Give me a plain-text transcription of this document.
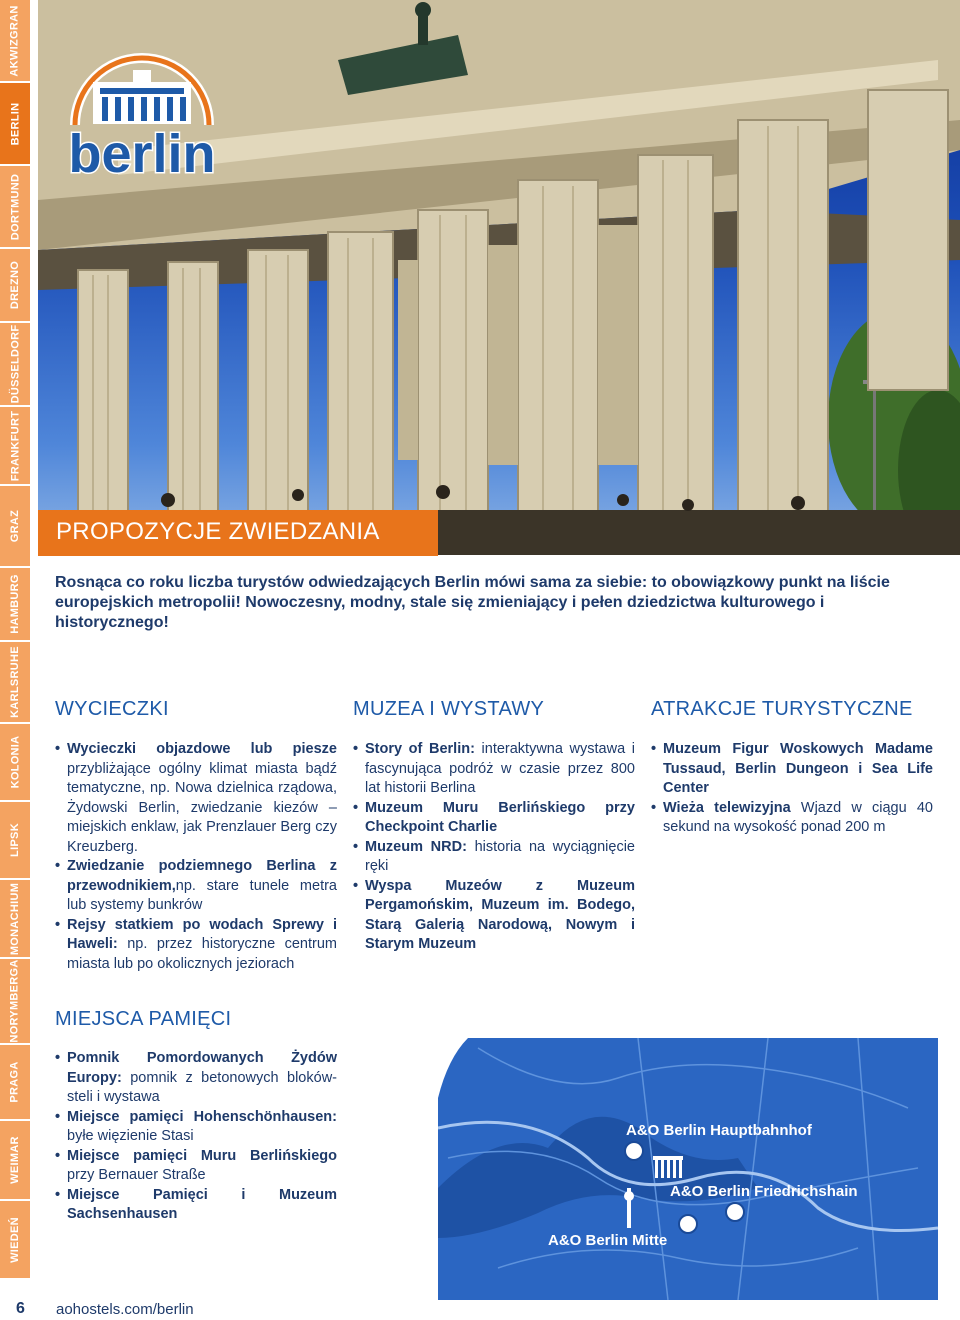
AKWIZGRAN
BERLIN
DORTMUND
DREZNO
DÜSSELDORF
FRANKFURT
GRAZ
HAMBURG
KARLSRUHE
KOLONIA
LIPSK
MONACHIUM
NORYMBERGA
PRAGA
WEIMAR
WIEDEŃ
berlin
PROPOZYCJE ZWIEDZANIA

Rosnąca co roku liczba turystów odwiedzających Berlin mówi sama za siebie: to obowiązkowy punkt na liście europejskich metropolii! Nowoczesny, modny, stale się zmieniający i pełen dziedzictwa kulturowego i historycznego!

WYCIECZKI
• Wycieczki objazdowe lub piesze przybliżające ogólny klimat miasta bądź tematyczne, np. Nowa dzielnica rządowa, Żydowski Berlin, zwiedzanie kiezów – miejskich enklaw, jak Prenzlauer Berg czy Kreuzberg.
• Zwiedzanie podziemnego Berlina z przewodnikiem,np. stare tunele metra lub systemy bunkrów
• Rejsy statkiem po wodach Sprewy i Haweli: np. przez historyczne centrum miasta lub po okolicznych jeziorach
MIEJSCA PAMIĘCI
• Pomnik Pomordowanych Żydów Europy: pomnik z betonowych bloków-steli i wystawa
• Miejsce pamięci Hohenschönhausen: byłe więzienie Stasi
• Miejsce pamięci Muru Berlińskiego przy Bernauer Straße
• Miejsce Pamięci i Muzeum Sachsenhausen
MUZEA I WYSTAWY
• Story of Berlin: interaktywna wystawa i fascynująca podróż w czasie przez 800 lat historii Berlina
• Muzeum Muru Berlińskiego przy Checkpoint Charlie
• Muzeum NRD: historia na wyciągnięcie ręki
• Wyspa Muzeów z Muzeum Pergamońskim, Muzeum im. Bodego, Starą Galerią Narodową, Nowym i Starym Muzeum
ATRAKCJE TURYSTYCZNE
• Muzeum Figur Woskowych Madame Tussaud, Berlin Dungeon i Sea Life Center
• Wieża telewizyjna Wjazd w ciągu 40 sekund na wysokość ponad 200 m
A&O Berlin Hauptbahnhof
A&O Berlin Friedrichshain
A&O Berlin Mitte
6 aohostels.com/berlin
